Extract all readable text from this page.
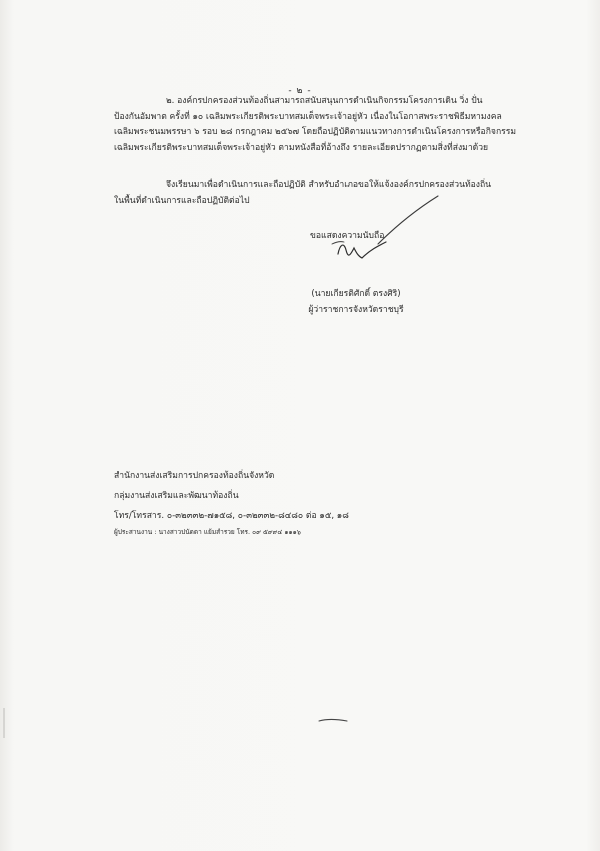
- ๒ -

๒. องค์กรปกครองส่วนท้องถิ่นสามารถสนับสนุนการดำเนินกิจกรรมโครงการเดิน วิ่ง ปั่น
ป้องกันอัมพาต ครั้งที่ ๑๐ เฉลิมพระเกียรติพระบาทสมเด็จพระเจ้าอยู่หัว เนื่องในโอกาสพระราชพิธีมหามงคล
เฉลิมพระชนมพรรษา ๖ รอบ ๒๘ กรกฎาคม ๒๕๖๗ โดยถือปฏิบัติตามแนวทางการดำเนินโครงการหรือกิจกรรม
เฉลิมพระเกียรติพระบาทสมเด็จพระเจ้าอยู่หัว ตามหนังสือที่อ้างถึง รายละเอียดปรากฏตามสิ่งที่ส่งมาด้วย

จึงเรียนมาเพื่อดำเนินการและถือปฏิบัติ สำหรับอำเภอขอให้แจ้งองค์กรปกครองส่วนท้องถิ่น
ในพื้นที่ดำเนินการและถือปฏิบัติต่อไป

ขอแสดงความนับถือ
(นายเกียรติศักดิ์ ตรงศิริ)
ผู้ว่าราชการจังหวัดราชบุรี
สำนักงานส่งเสริมการปกครองท้องถิ่นจังหวัด
กลุ่มงานส่งเสริมและพัฒนาท้องถิ่น
โทร/โทรสาร. ๐-๓๒๓๓๒-๗๑๕๘, ๐-๓๒๓๓๒-๘๔๘๐ ต่อ ๑๕, ๑๘
ผู้ประสานงาน : นางสาวปนัดดา แย้มสำรวย โทร. ๐๙ ๕๙๙๔ ๑๑๑๖
